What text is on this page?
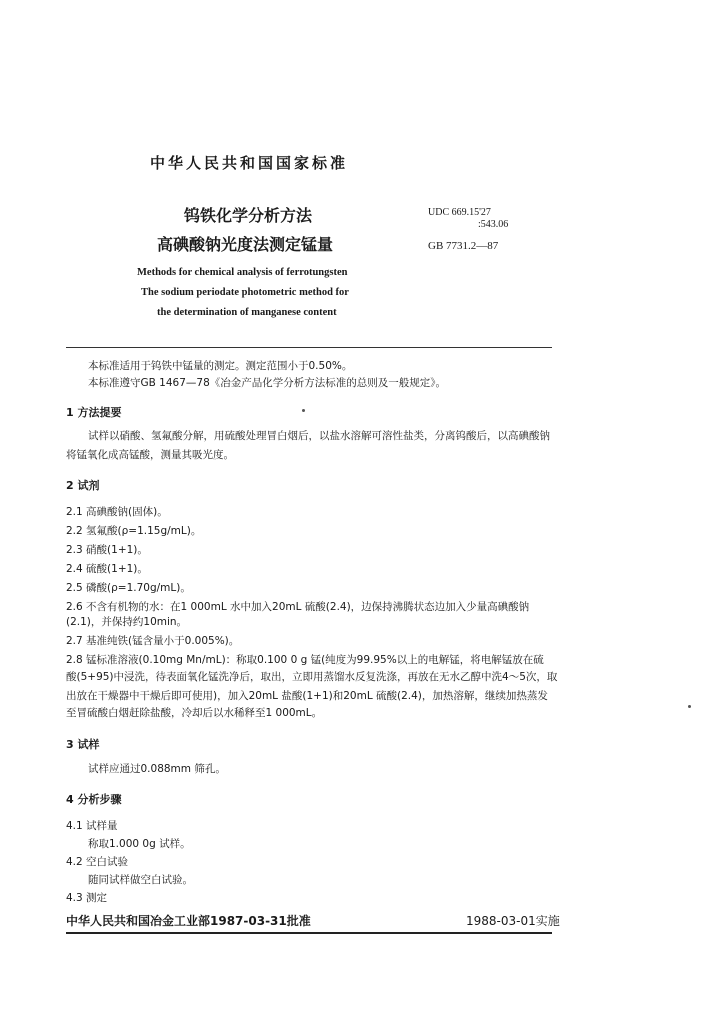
中华人民共和国国家标准
钨铁化学分析方法
高碘酸钠光度法测定锰量
Methods for chemical analysis of ferrotungsten
The sodium periodate photometric method for
the determination of manganese content
UDC 669.15'27
:543.06
GB 7731.2—87
本标准适用于钨铁中锰量的测定。测定范围小于0.50%。
本标准遵守GB 1467—78《冶金产品化学分析方法标准的总则及一般规定》。
1 方法提要
试样以硝酸、氢氟酸分解，用硫酸处理冒白烟后，以盐水溶解可溶性盐类，分离钨酸后，以高碘酸钠
将锰氧化成高锰酸，测量其吸光度。
2 试剂
2.1 高碘酸钠(固体)。
2.2 氢氟酸(ρ=1.15g/mL)。
2.3 硝酸(1+1)。
2.4 硫酸(1+1)。
2.5 磷酸(ρ=1.70g/mL)。
2.6 不含有机物的水：在1 000mL 水中加入20mL 硫酸(2.4)，边保持沸腾状态边加入少量高碘酸钠
(2.1)，并保持约10min。
2.7 基准纯铁(锰含量小于0.005%)。
2.8 锰标准溶液(0.10mg Mn/mL)：称取0.100 0 g 锰(纯度为99.95%以上的电解锰，将电解锰放在硫
酸(5+95)中浸洗，待表面氧化锰洗净后，取出，立即用蒸馏水反复洗涤，再放在无水乙醇中洗4～5次，取
出放在干燥器中干燥后即可使用)，加入20mL 盐酸(1+1)和20mL 硫酸(2.4)，加热溶解，继续加热蒸发
至冒硫酸白烟赶除盐酸，冷却后以水稀释至1 000mL。
3 试样
试样应通过0.088mm 筛孔。
4 分析步骤
4.1 试样量
称取1.000 0g 试样。
4.2 空白试验
随同试样做空白试验。
4.3 测定
中华人民共和国冶金工业部1987-03-31批准	1988-03-01实施
